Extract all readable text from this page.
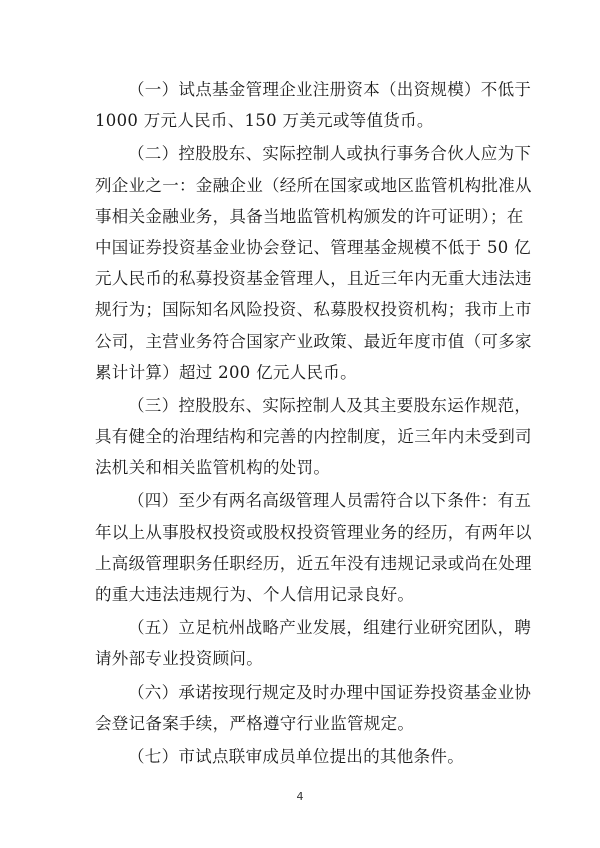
（一）试点基金管理企业注册资本（出资规模）不低于
1000 万元人民币、150 万美元或等值货币。
（二）控股股东、实际控制人或执行事务合伙人应为下
列企业之一：金融企业（经所在国家或地区监管机构批准从
事相关金融业务，具备当地监管机构颁发的许可证明）；在
中国证券投资基金业协会登记、管理基金规模不低于 50 亿
元人民币的私募投资基金管理人，且近三年内无重大违法违
规行为；国际知名风险投资、私募股权投资机构；我市上市
公司，主营业务符合国家产业政策、最近年度市值（可多家
累计计算）超过 200 亿元人民币。
（三）控股股东、实际控制人及其主要股东运作规范，
具有健全的治理结构和完善的内控制度，近三年内未受到司
法机关和相关监管机构的处罚。
（四）至少有两名高级管理人员需符合以下条件：有五
年以上从事股权投资或股权投资管理业务的经历，有两年以
上高级管理职务任职经历，近五年没有违规记录或尚在处理
的重大违法违规行为、个人信用记录良好。
（五）立足杭州战略产业发展，组建行业研究团队，聘
请外部专业投资顾问。
（六）承诺按现行规定及时办理中国证券投资基金业协
会登记备案手续，严格遵守行业监管规定。
（七）市试点联审成员单位提出的其他条件。
4
